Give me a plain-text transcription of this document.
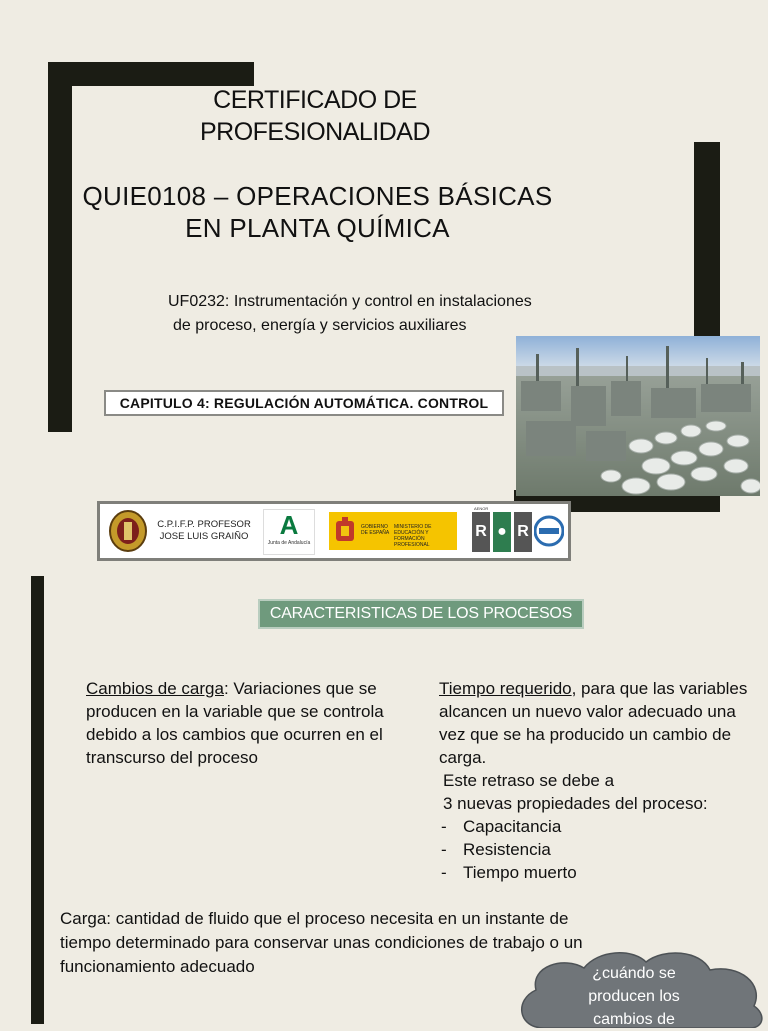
CERTIFICADO DE
PROFESIONALIDAD
QUIE0108 – OPERACIONES BÁSICAS
EN PLANTA QUÍMICA
UF0232: Instrumentación y control en instalaciones
de proceso, energía y servicios auxiliares
CAPITULO 4: REGULACIÓN AUTOMÁTICA. CONTROL
C.P.I.F.P. PROFESOR
JOSE LUIS GRAIÑO	A
Junta de Andalucía
GOBIERNO DE ESPAÑA
MINISTERIO DE EDUCACIÓN Y FORMACIÓN PROFESIONAL
R ● R
AENOR
CARACTERISTICAS DE LOS PROCESOS
Cambios de carga: Variaciones que se producen en la variable que se controla debido a los cambios que ocurren en el transcurso del proceso
Tiempo requerido, para que las variables alcancen un nuevo valor adecuado una vez que se ha producido un cambio de carga.
Este retraso se debe a
3 nuevas propiedades del proceso:
- Capacitancia
- Resistencia
- Tiempo muerto
Carga: cantidad de fluido que el proceso necesita en un instante de tiempo determinado para conservar unas condiciones de trabajo o un funcionamiento adecuado	¿cuándo se producen los cambios de
